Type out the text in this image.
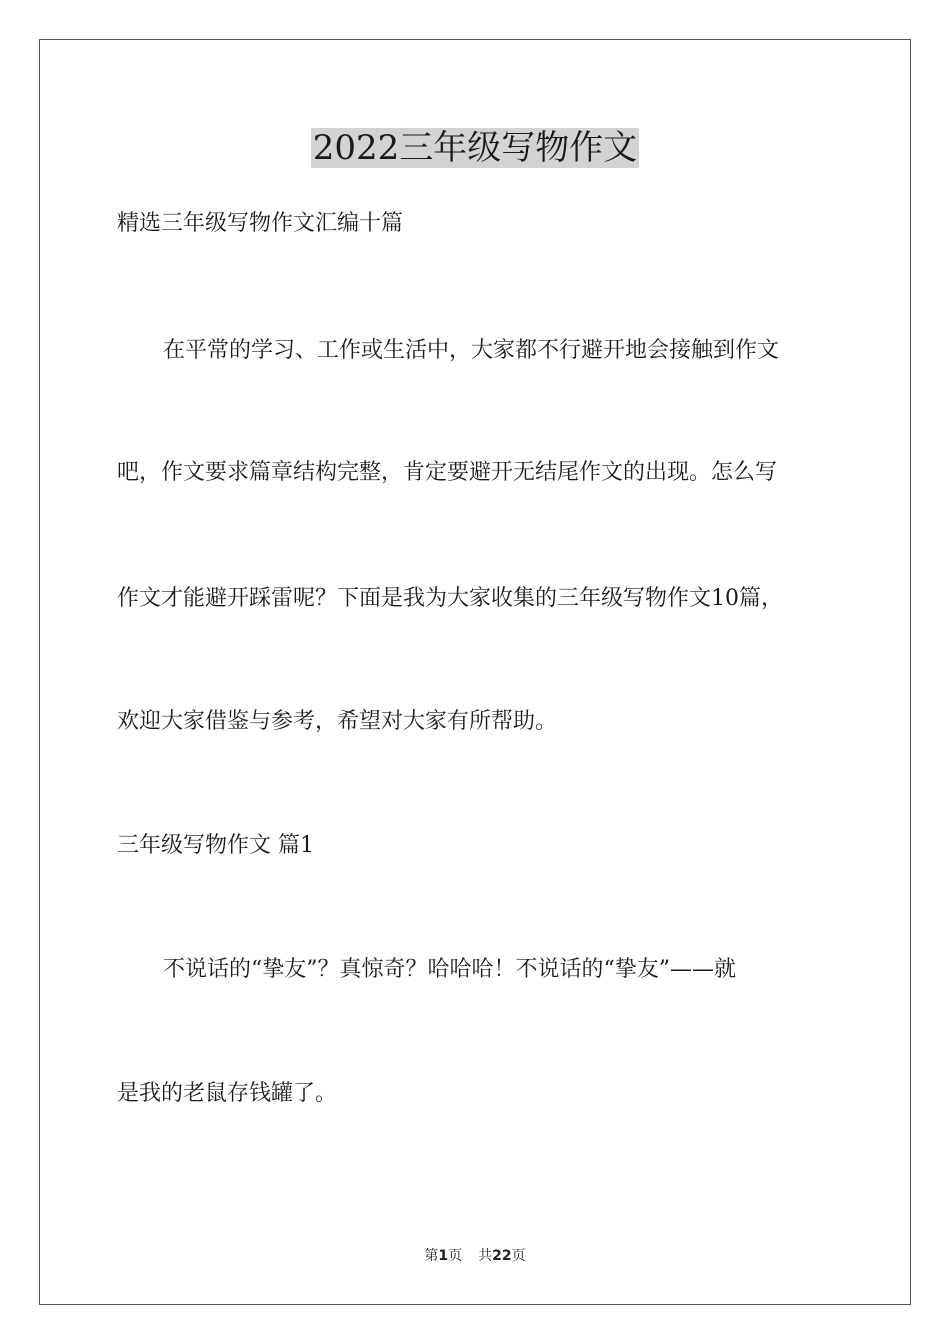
2022三年级写物作文
精选三年级写物作文汇编十篇
在平常的学习、工作或生活中，大家都不行避开地会接触到作文
吧，作文要求篇章结构完整，肯定要避开无结尾作文的出现。怎么写
作文才能避开踩雷呢？下面是我为大家收集的三年级写物作文10篇，
欢迎大家借鉴与参考，希望对大家有所帮助。
三年级写物作文 篇1
不说话的“挚友”？真惊奇？哈哈哈！不说话的“挚友”——就
是我的老鼠存钱罐了。
第1页 共22页
